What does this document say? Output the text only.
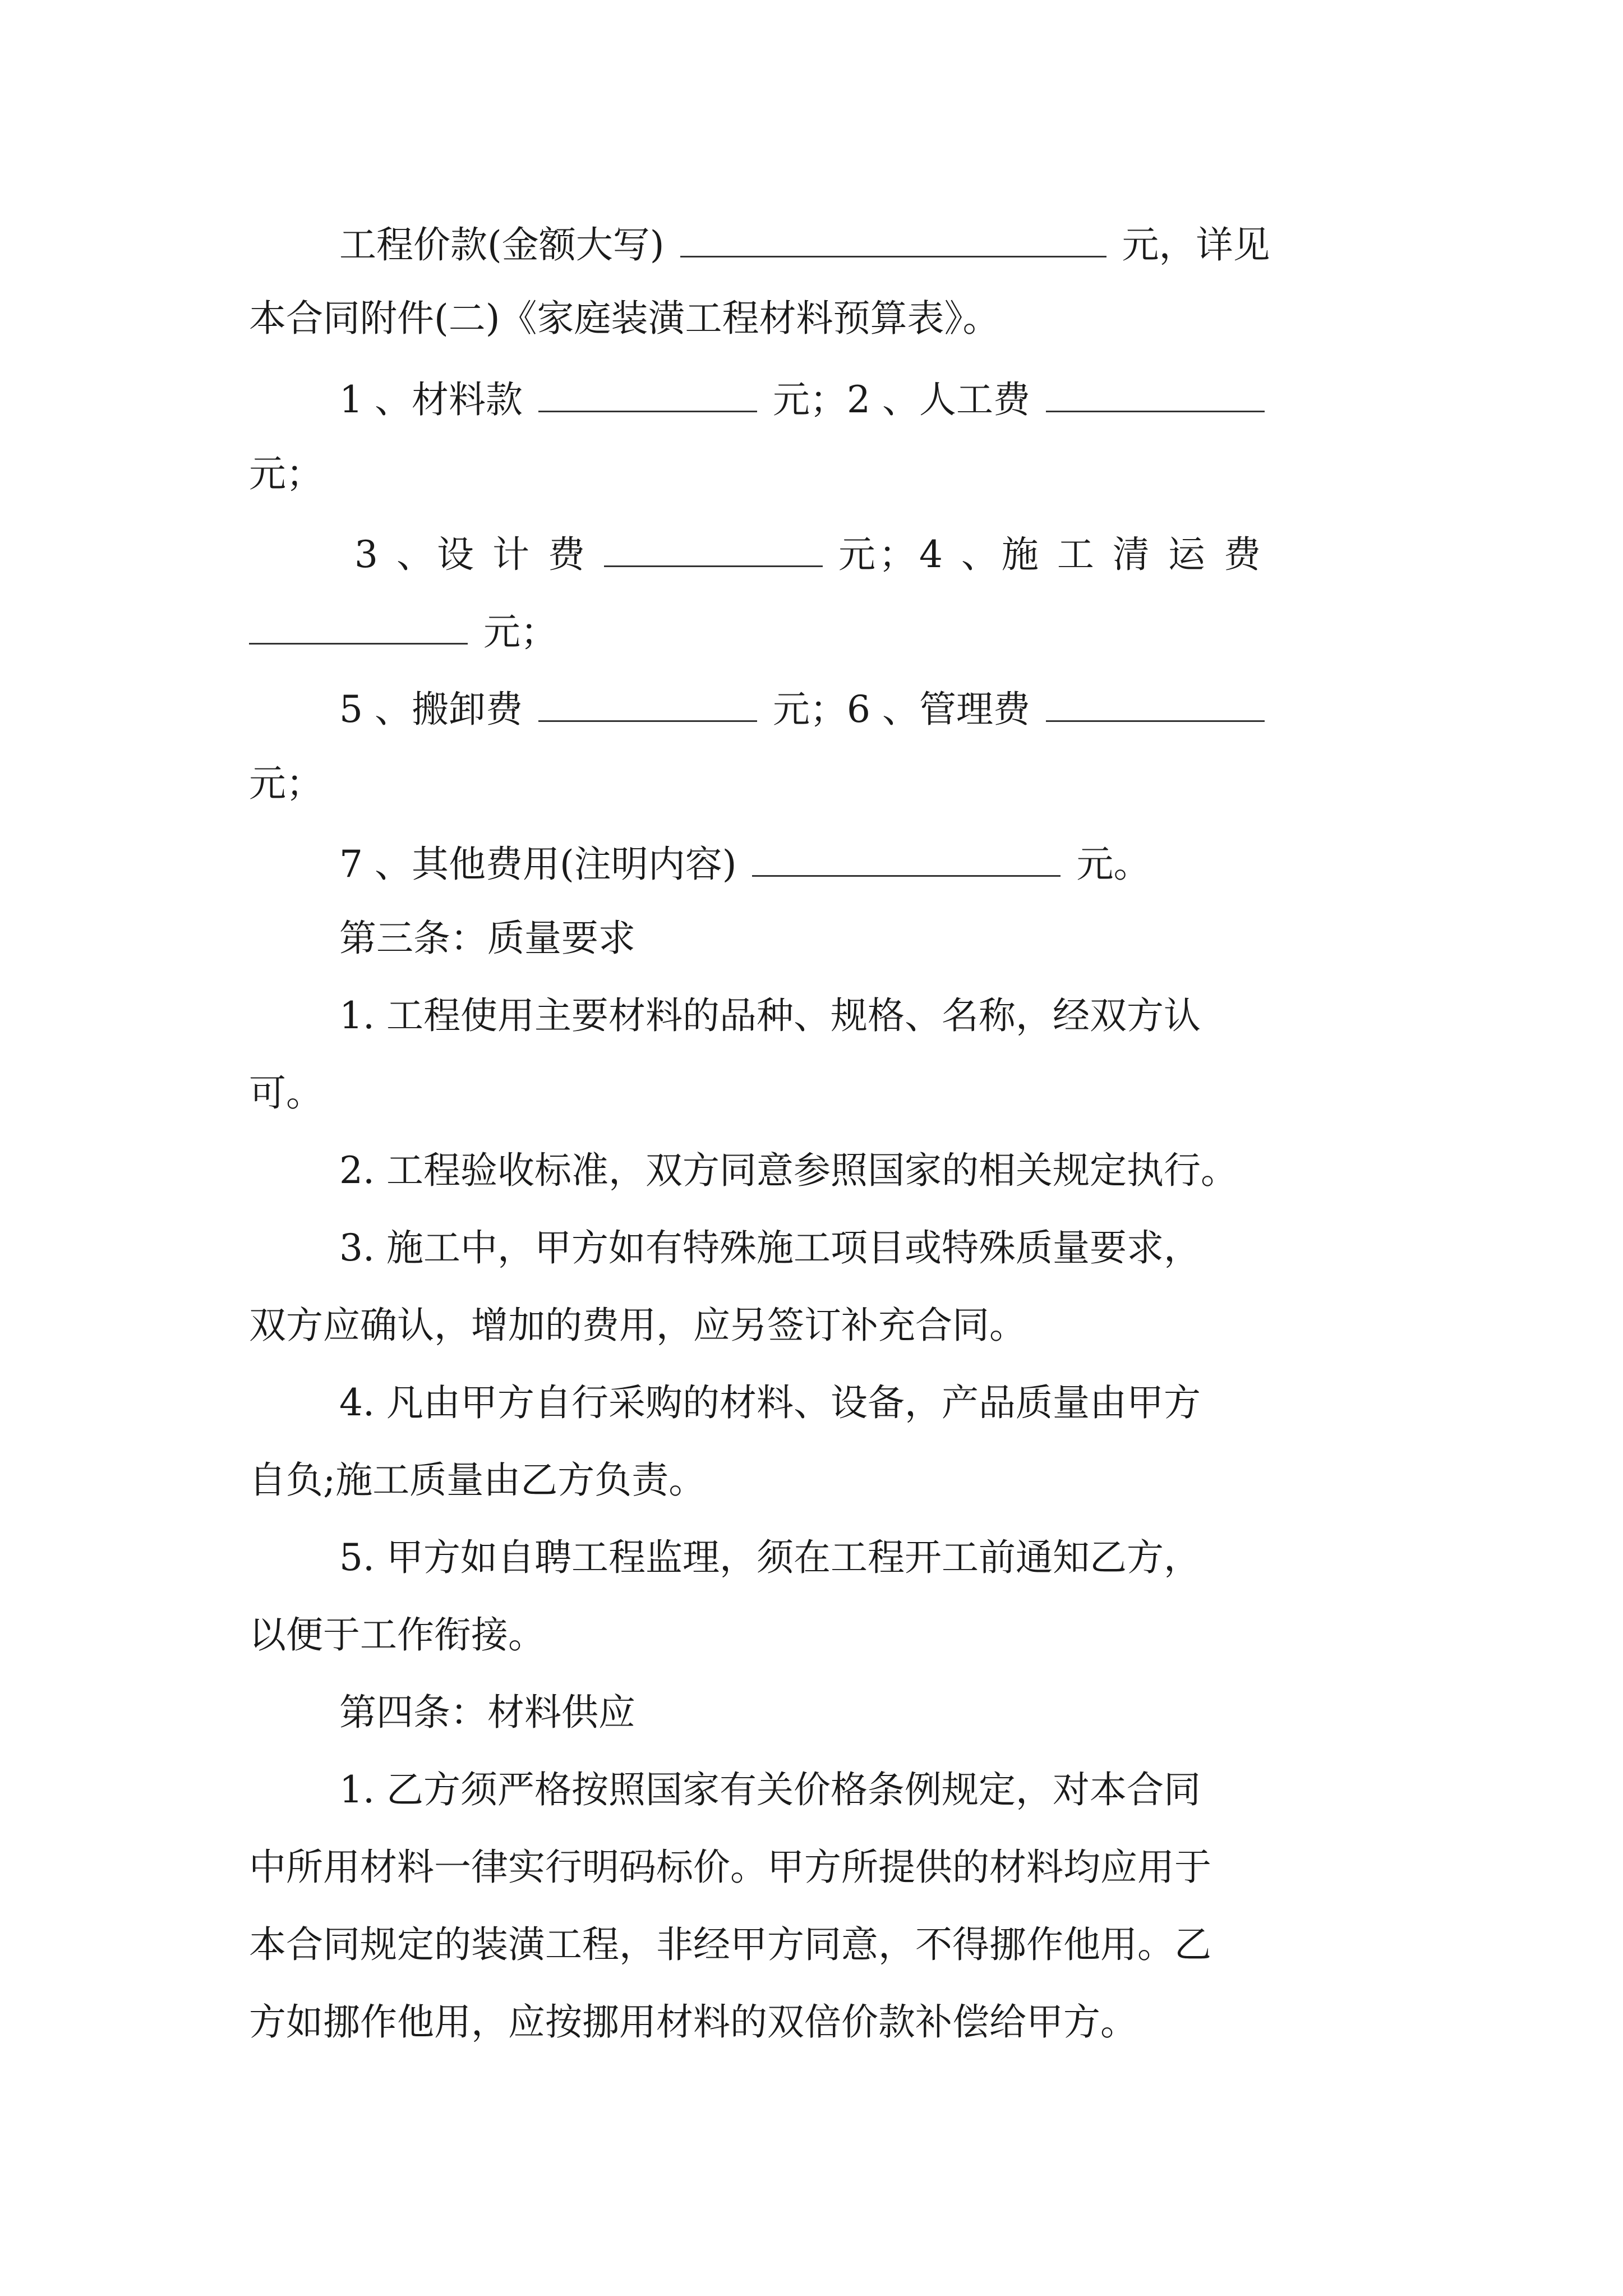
工程价款(金额大写)	元，详见
本合同附件(二)《家庭装潢工程材料预算表》。
1 、材料款	元；2 、人工费
元；
3 、设 计 费	元；4 、施 工 清 运 费
元；
5 、搬卸费	元；6 、管理费
元；
7 、其他费用(注明内容)	元。
第三条：质量要求
1. 工程使用主要材料的品种、规格、名称，经双方认
可。
2. 工程验收标准，双方同意参照国家的相关规定执行。
3. 施工中，甲方如有特殊施工项目或特殊质量要求，
双方应确认，增加的费用，应另签订补充合同。
4. 凡由甲方自行采购的材料、设备，产品质量由甲方
自负;施工质量由乙方负责。
5. 甲方如自聘工程监理，须在工程开工前通知乙方，
以便于工作衔接。
第四条：材料供应
1. 乙方须严格按照国家有关价格条例规定，对本合同
中所用材料一律实行明码标价。甲方所提供的材料均应用于
本合同规定的装潢工程，非经甲方同意，不得挪作他用。乙
方如挪作他用，应按挪用材料的双倍价款补偿给甲方。
